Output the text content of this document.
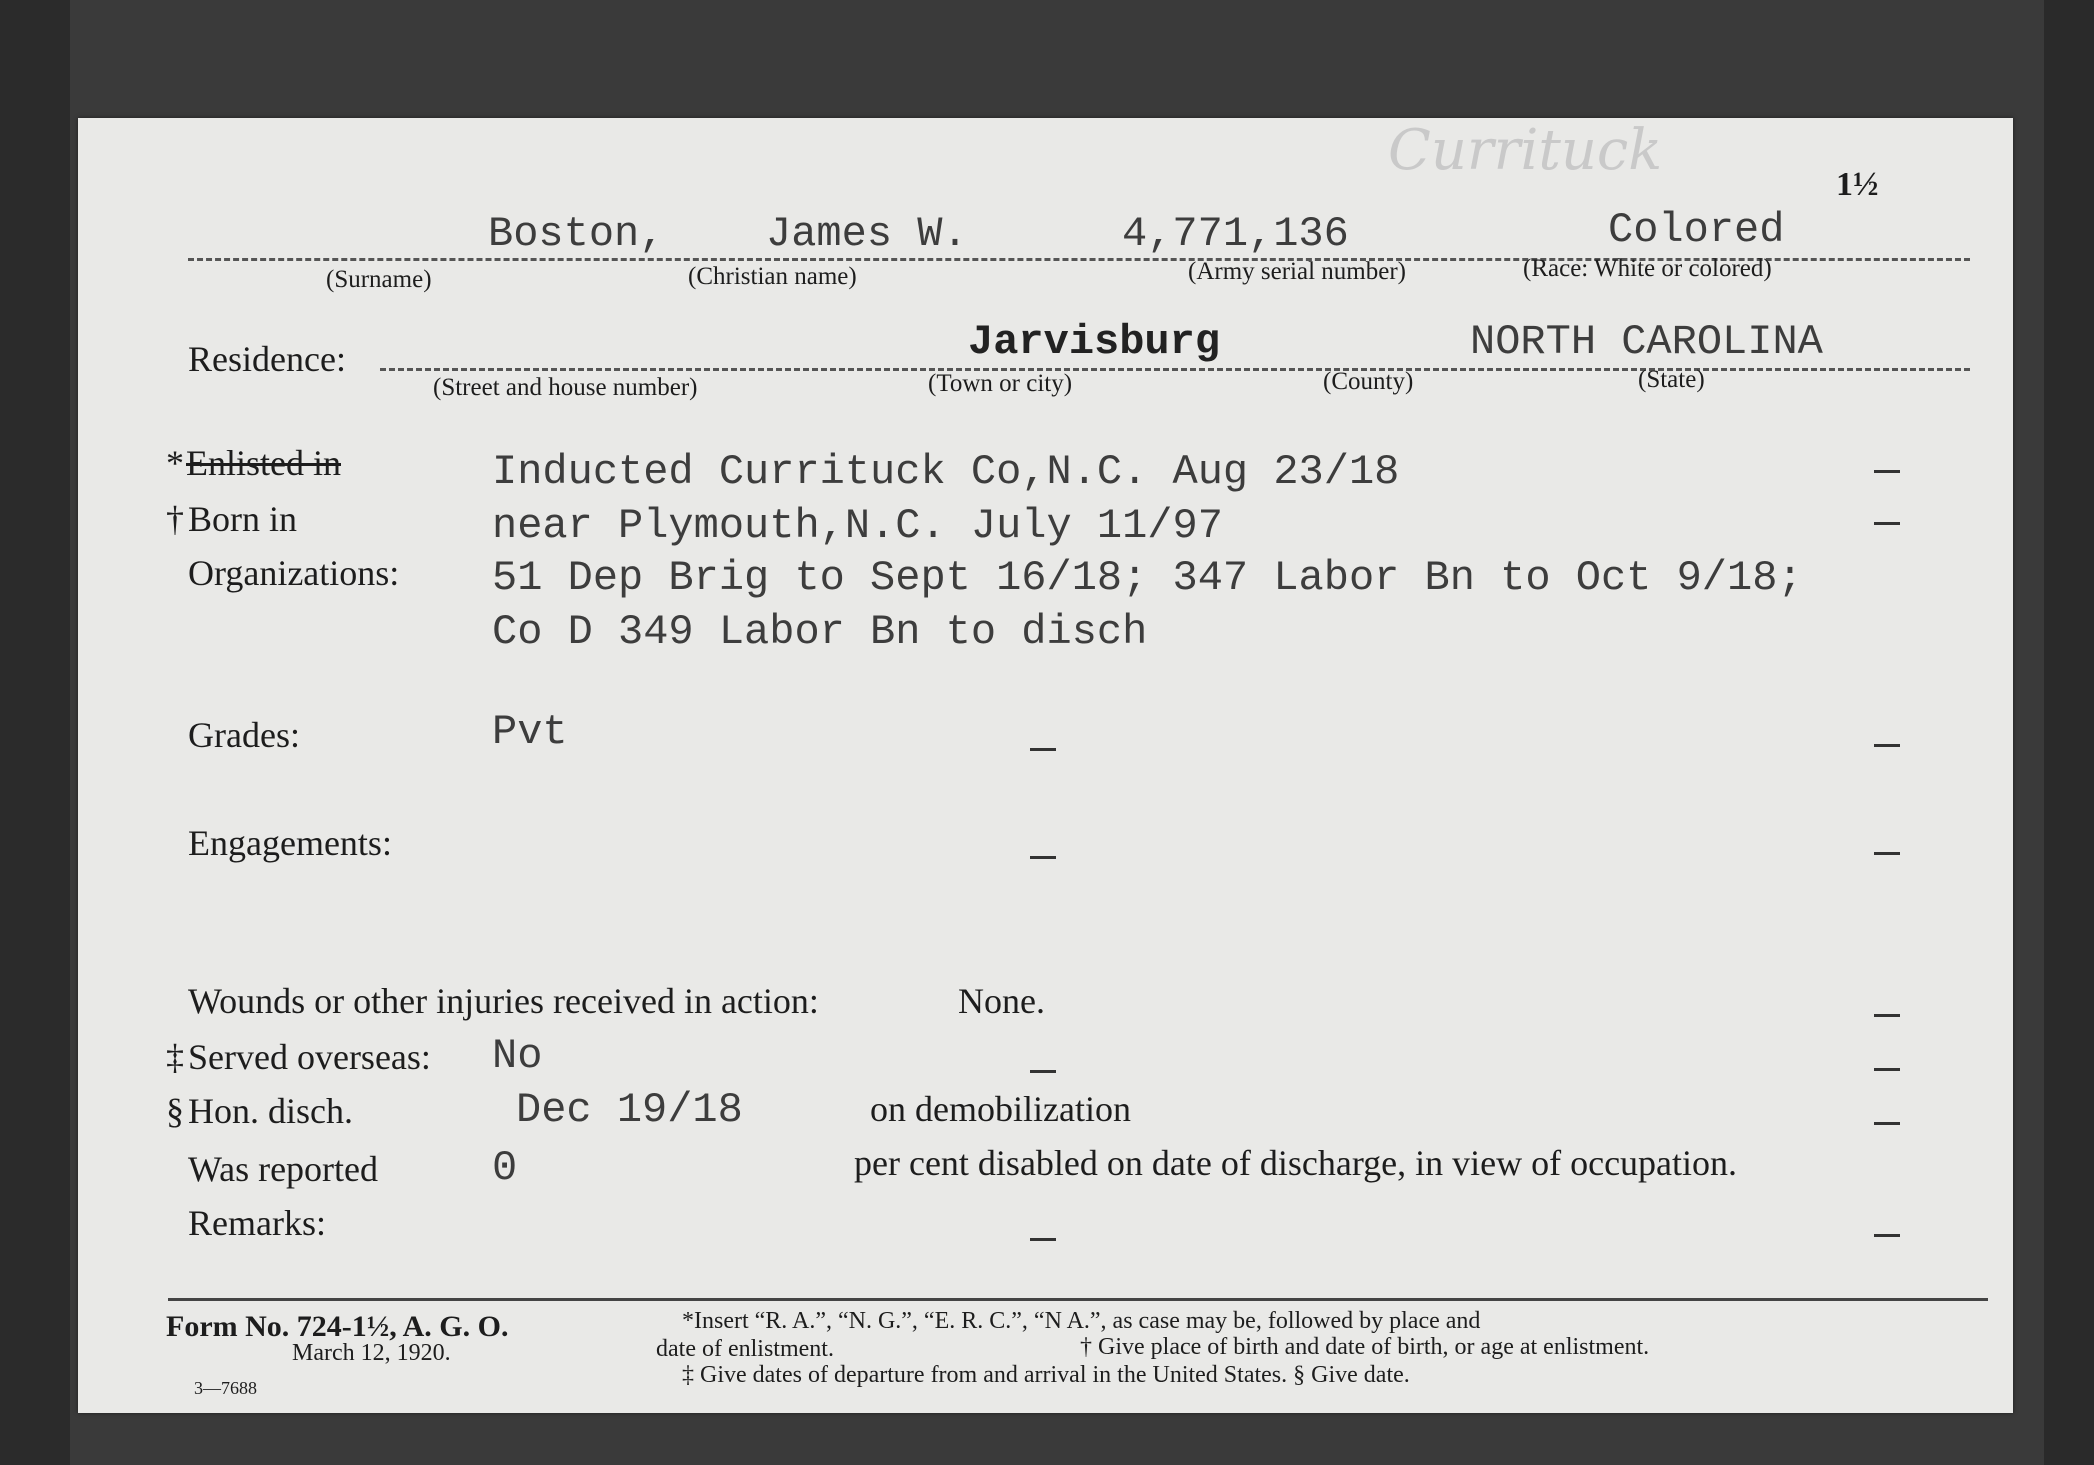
Currituck
1½
Boston, James W.	4,771,136	Colored
(Surname)	(Christian name)	(Army serial number)	(Race: White or colored)
Residence:	Jarvisburg	NORTH CAROLINA
(Street and house number)	(Town or city)	(County)	(State)
* Enlisted in	Inducted Currituck Co,N.C. Aug 23/18
† Born in	near Plymouth,N.C. July 11/97
Organizations: 51 Dep Brig to Sept 16/18; 347 Labor Bn to Oct 9/18;
Co D 349 Labor Bn to disch
Grades:	Pvt
Engagements:
Wounds or other injuries received in action:	None.
‡ Served overseas: No
§ Hon. disch.	Dec 19/18	on demobilization
Was reported	0	per cent disabled on date of discharge, in view of occupation.
Remarks:
Form No. 724-1½, A. G. O.
March 12, 1920.
3—7688
*Insert “R. A.”, “N. G.”, “E. R. C.”, “N A.”, as case may be, followed by place and
date of enlistment.	† Give place of birth and date of birth, or age at enlistment.
‡ Give dates of departure from and arrival in the United States. § Give date.
